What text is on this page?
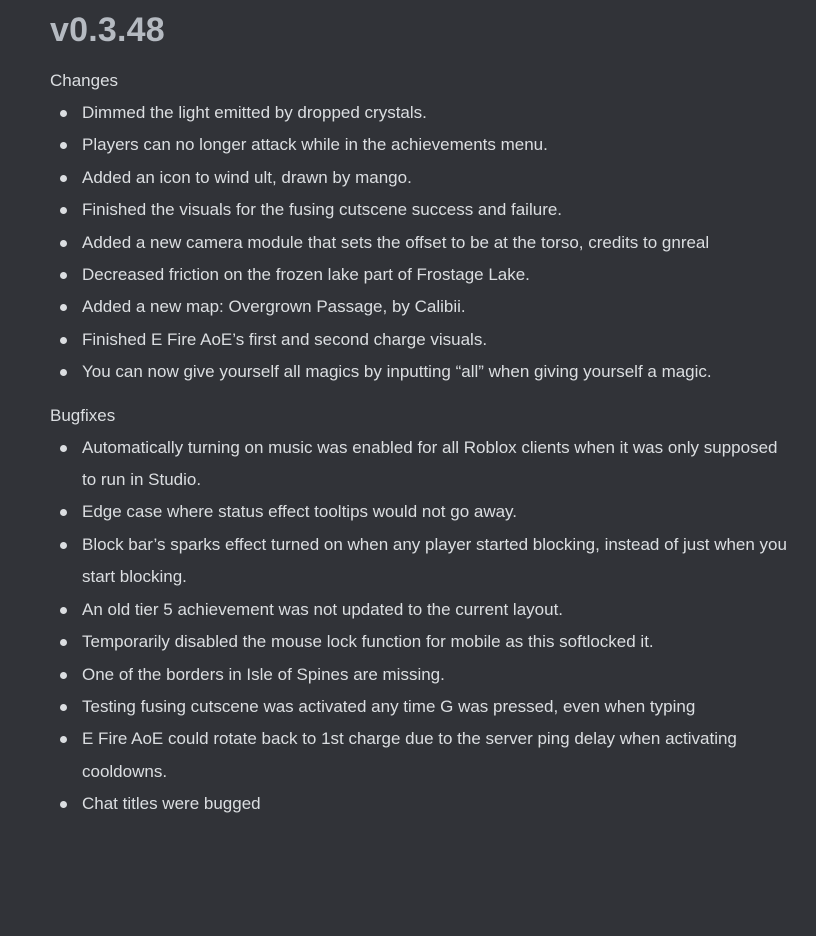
v0.3.48
Changes
Dimmed the light emitted by dropped crystals.
Players can no longer attack while in the achievements menu.
Added an icon to wind ult, drawn by mango.
Finished the visuals for the fusing cutscene success and failure.
Added a new camera module that sets the offset to be at the torso, credits to gnreal
Decreased friction on the frozen lake part of Frostage Lake.
Added a new map: Overgrown Passage, by Calibii.
Finished E Fire AoE’s first and second charge visuals.
You can now give yourself all magics by inputting “all” when giving yourself a magic.
Bugfixes
Automatically turning on music was enabled for all Roblox clients when it was only supposed to run in Studio.
Edge case where status effect tooltips would not go away.
Block bar’s sparks effect turned on when any player started blocking, instead of just when you start blocking.
An old tier 5 achievement was not updated to the current layout.
Temporarily disabled the mouse lock function for mobile as this softlocked it.
One of the borders in Isle of Spines are missing.
Testing fusing cutscene was activated any time G was pressed, even when typing
E Fire AoE could rotate back to 1st charge due to the server ping delay when activating cooldowns.
Chat titles were bugged
